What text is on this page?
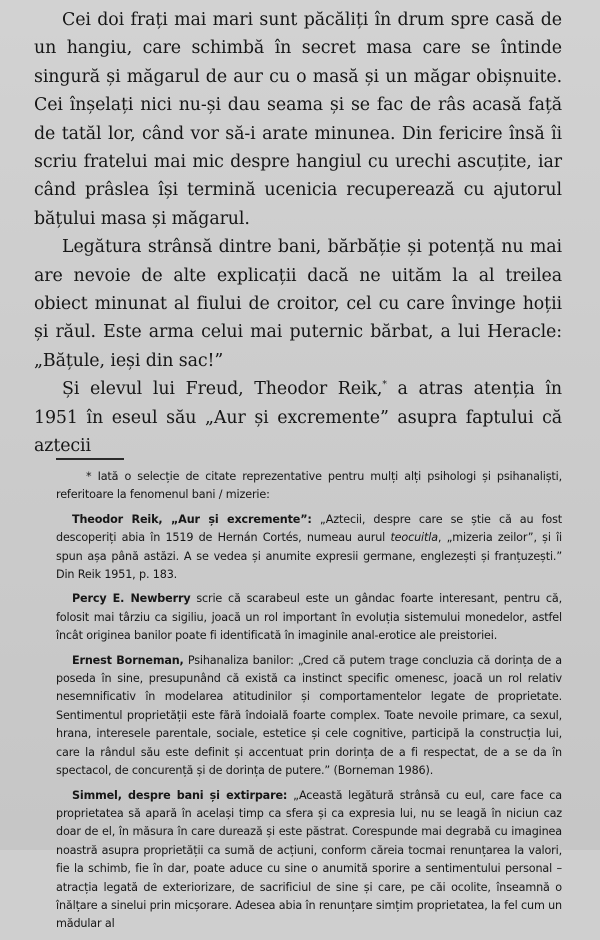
Cei doi frați mai mari sunt păcăliți în drum spre casă de un hangiu, care schimbă în secret masa care se întinde singură și măgarul de aur cu o masă și un măgar obișnuite. Cei înșelați nici nu-și dau seama și se fac de râs acasă față de tatăl lor, când vor să-i arate minunea. Din fericire însă îi scriu fratelui mai mic despre hangiul cu urechi ascuțite, iar când prâslea își termină ucenicia recuperează cu ajutorul bățului masa și măgarul.

Legătura strânsă dintre bani, bărbăție și potență nu mai are nevoie de alte explicații dacă ne uităm la al treilea obiect minunat al fiului de croitor, cel cu care învinge hoții și răul. Este arma celui mai puternic bărbat, a lui Heracle: „Bățule, ieși din sac!”

Și elevul lui Freud, Theodor Reik,* a atras atenția în 1951 în eseul său „Aur și excremente” asupra faptului că aztecii

* Iată o selecție de citate reprezentative pentru mulți alți psihologi și psihanaliști, referitoare la fenomenul bani / mizerie:

Theodor Reik, „Aur și excremente”: „Aztecii, despre care se știe că au fost descoperiți abia în 1519 de Hernán Cortés, numeau aurul teocuitla, „mizeria zeilor”, și îi spun așa până astăzi. A se vedea și anumite expresii germane, englezești și franțuzești.” Din Reik 1951, p. 183.

Percy E. Newberry scrie că scarabeul este un gândac foarte interesant, pentru că, folosit mai târziu ca sigiliu, joacă un rol important în evoluția sistemului monedelor, astfel încât originea banilor poate fi identificată în imaginile anal-erotice ale preistoriei.

Ernest Borneman, Psihanaliza banilor: „Cred că putem trage concluzia că dorința de a poseda în sine, presupunând că există ca instinct specific omenesc, joacă un rol relativ nesemnificativ în modelarea atitudinilor și comportamentelor legate de proprietate. Sentimentul proprietății este fără îndoială foarte complex. Toate nevoile primare, ca sexul, hrana, interesele parentale, sociale, estetice și cele cognitive, participă la construcția lui, care la rândul său este definit și accentuat prin dorința de a fi respectat, de a se da în spectacol, de concurență și de dorința de putere.” (Borneman 1986).

Simmel, despre bani și extirpare: „Această legătură strânsă cu eul, care face ca proprietatea să apară în același timp ca sfera și ca expresia lui, nu se leagă în niciun caz doar de el, în măsura în care durează și este păstrat. Corespunde mai degrabă cu imaginea noastră asupra proprietății ca sumă de acțiuni, conform căreia tocmai renunțarea la valori, fie la schimb, fie în dar, poate aduce cu sine o anumită sporire a sentimentului personal – atracția legată de exteriorizare, de sacrificiul de sine și care, pe căi ocolite, înseamnă o înălțare a sinelui prin micșorare. Adesea abia în renunțare simțim proprietatea, la fel cum un mădular al
